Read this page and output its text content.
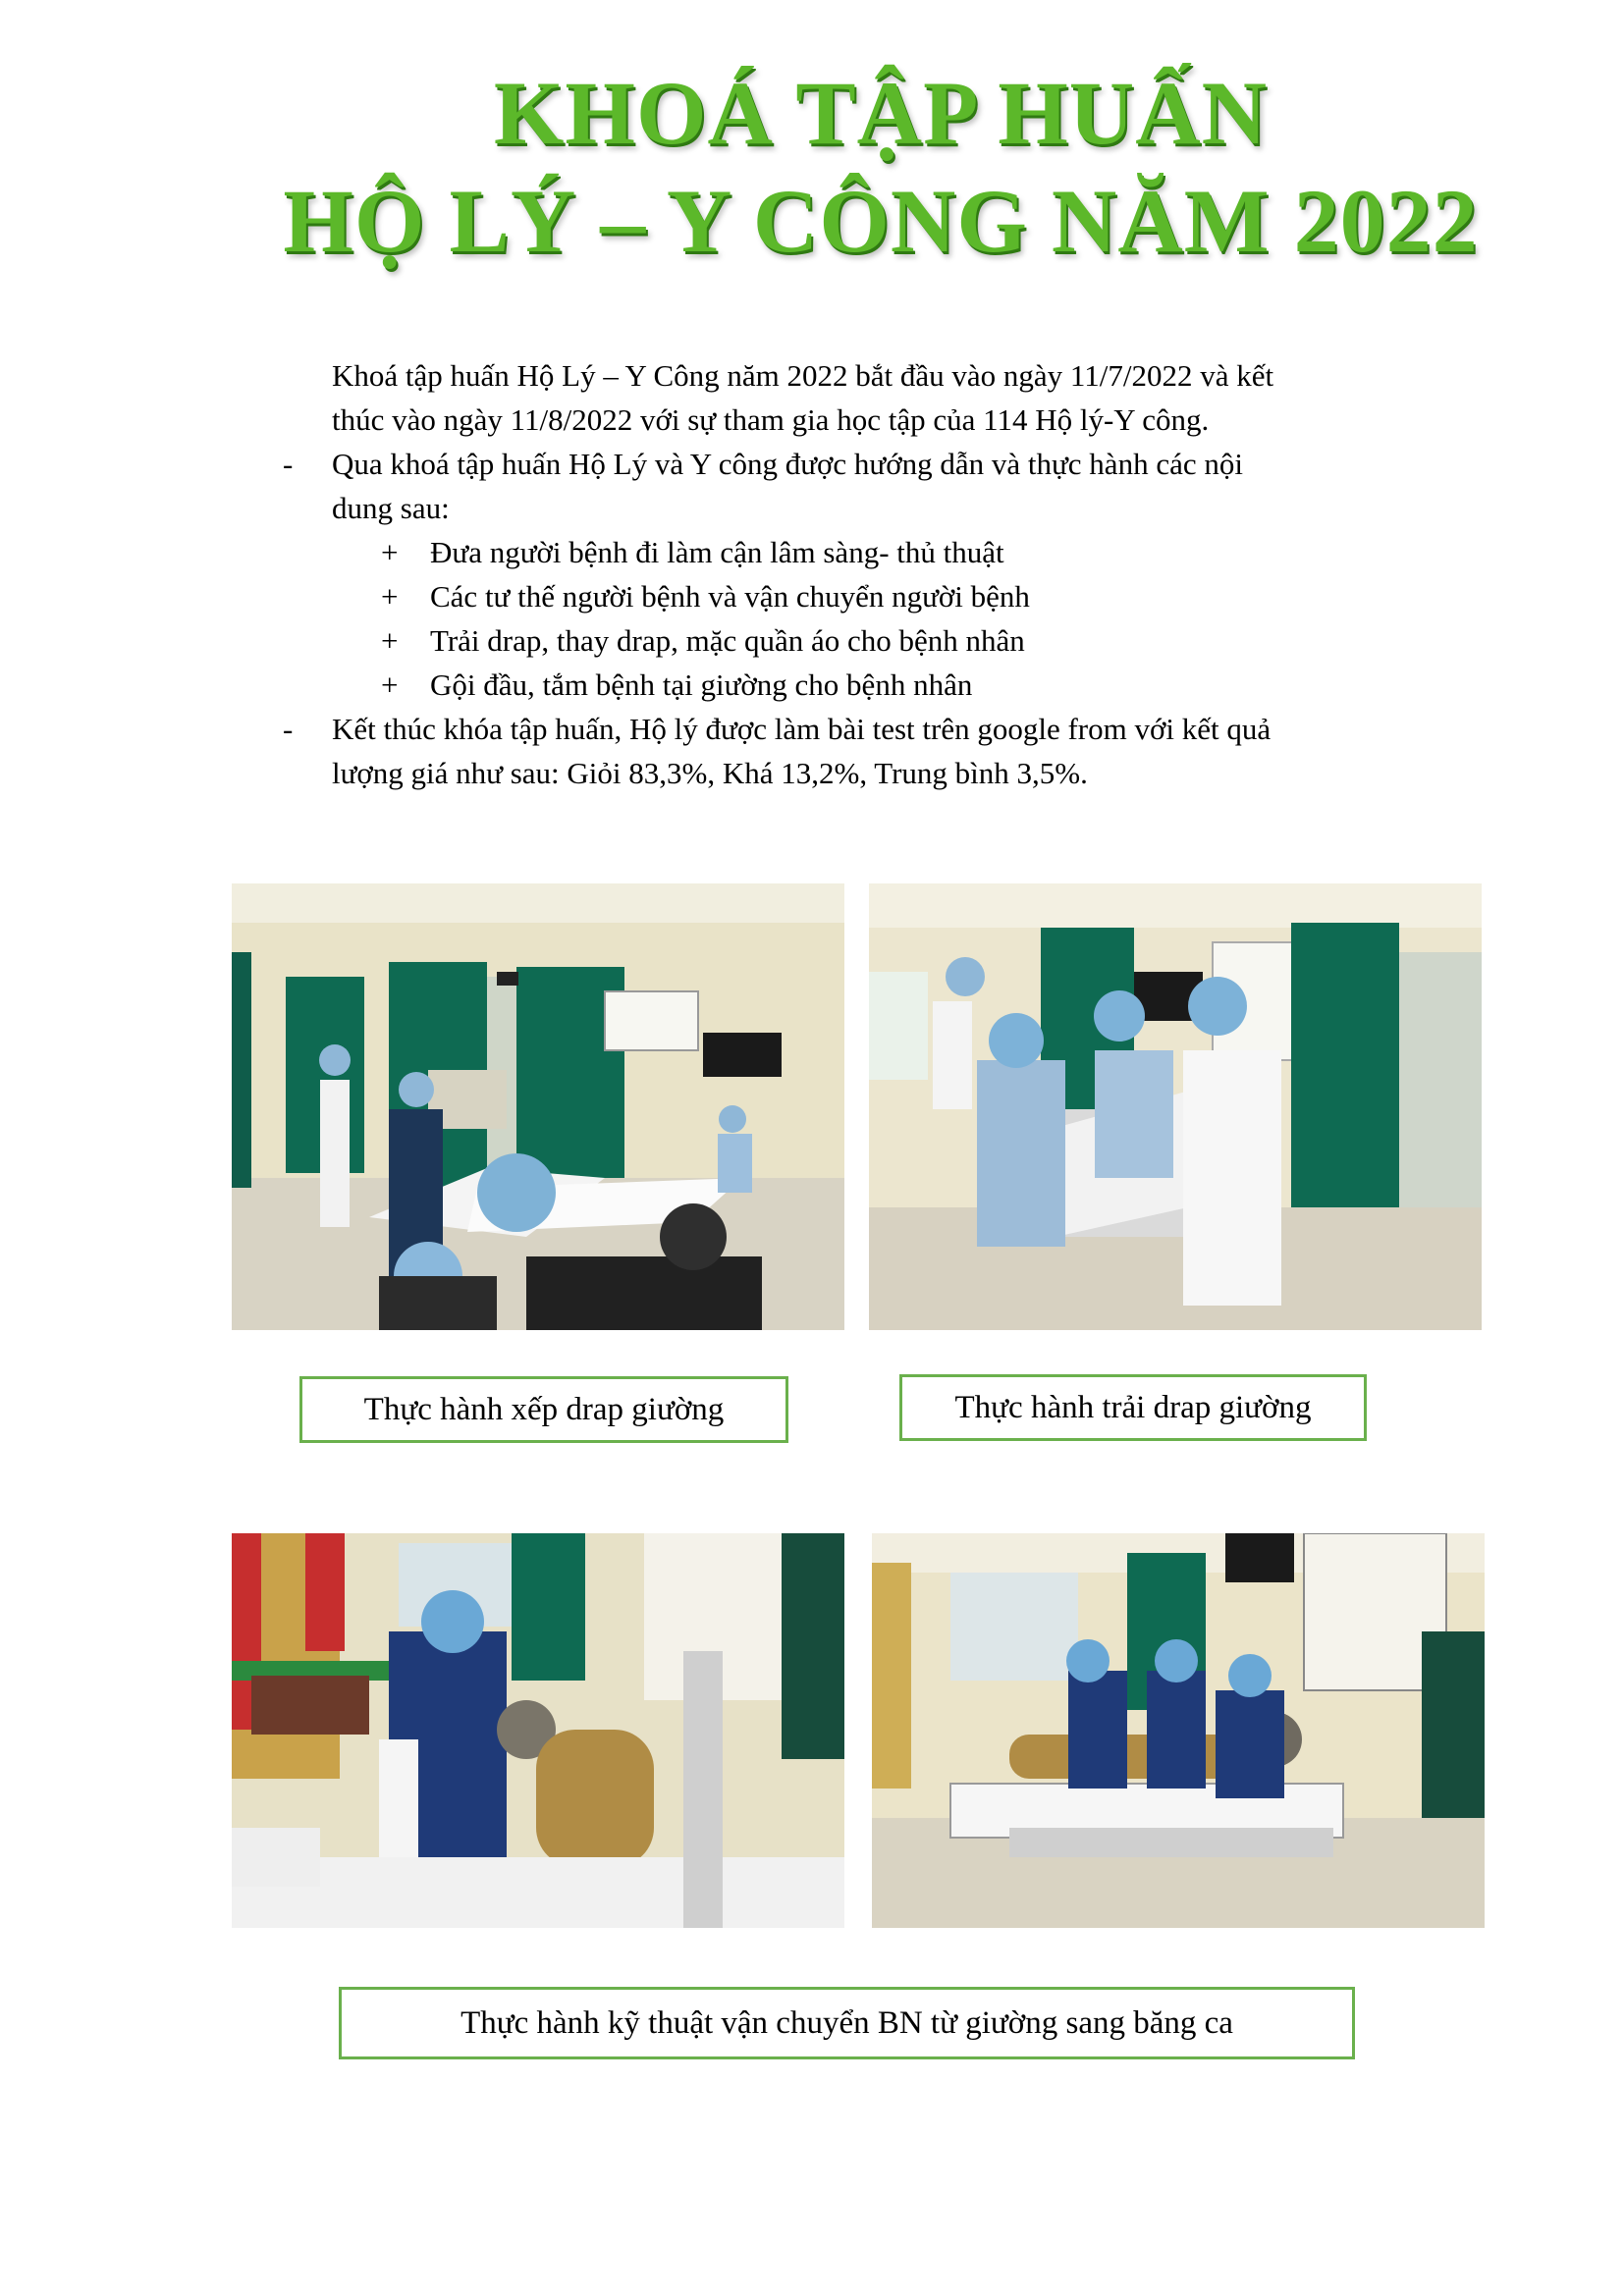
KHOÁ TẬP HUẤN
HỘ LÝ – Y CÔNG NĂM 2022
Khoá tập huấn Hộ Lý – Y Công năm 2022 bắt đầu vào ngày 11/7/2022 và kết
thúc vào ngày 11/8/2022 với sự tham gia học tập của 114 Hộ lý-Y công.
- Qua khoá tập huấn Hộ Lý và Y công được hướng dẫn và thực hành các nội
dung sau:
+ Đưa người bệnh đi làm cận lâm sàng- thủ thuật
+ Các tư thế người bệnh và vận chuyển người bệnh
+ Trải drap, thay drap, mặc quần áo cho bệnh nhân
+ Gội đầu, tắm bệnh tại giường cho bệnh nhân
- Kết thúc khóa tập huấn, Hộ lý được làm bài test trên google from với kết quả
lượng giá như sau: Giỏi 83,3%, Khá 13,2%, Trung bình 3,5%.
Thực hành xếp drap giường	Thực hành trải drap giường
Thực hành kỹ thuật vận chuyển BN từ giường sang băng ca
